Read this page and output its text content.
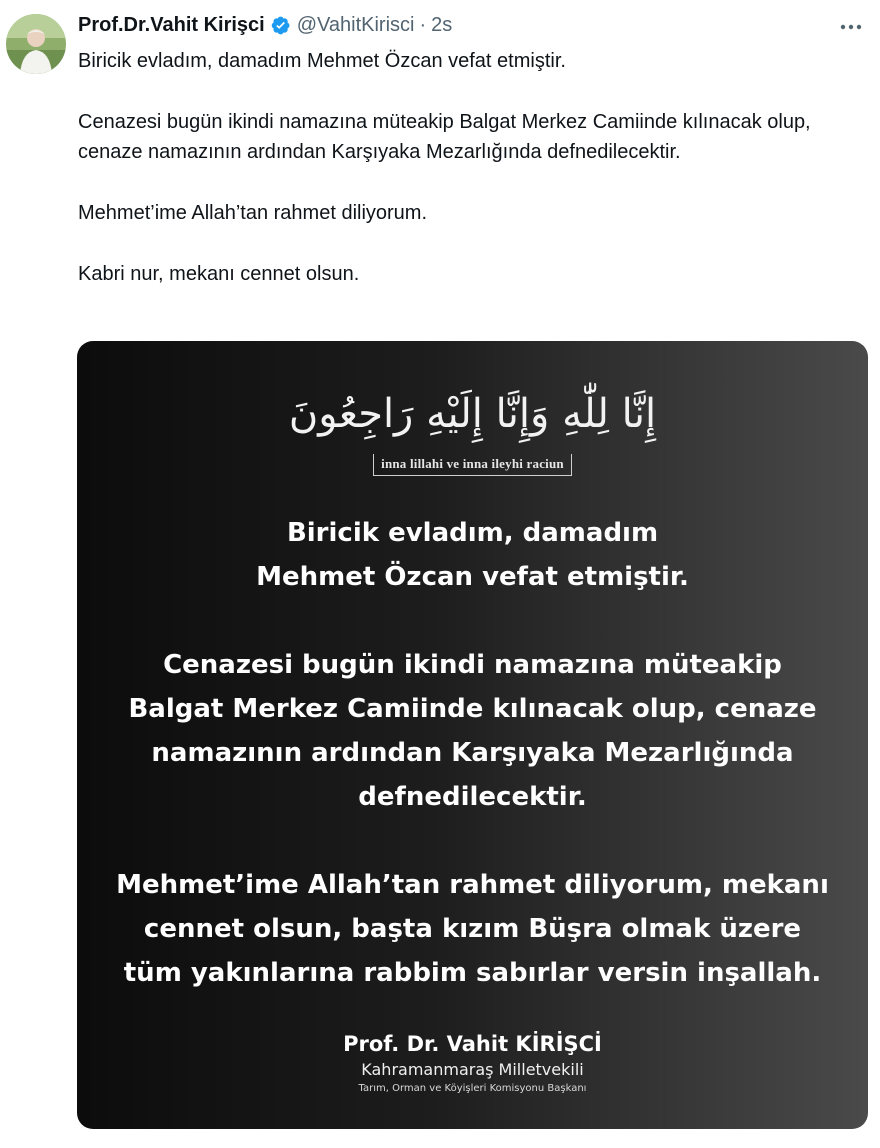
Prof.Dr.Vahit Kirişci @VahitKirisci · 2s

Biricik evladım, damadım Mehmet Özcan vefat etmiştir.

Cenazesi bugün ikindi namazına müteakip Balgat Merkez Camiinde kılınacak olup, cenaze namazının ardından Karşıyaka Mezarlığında defnedilecektir.

Mehmet’ime Allah’tan rahmet diliyorum.

Kabri nur, mekanı cennet olsun.

إِنَّا لِلّٰهِ وَإِنَّا إِلَيْهِ رَاجِعُونَ
inna lillahi ve inna ileyhi raciun

Biricik evladım, damadım

Mehmet Özcan vefat etmiştir.

Cenazesi bugün ikindi namazına müteakip

Balgat Merkez Camiinde kılınacak olup, cenaze

namazının ardından Karşıyaka Mezarlığında

defnedilecektir.

Mehmet’ime Allah’tan rahmet diliyorum, mekanı

cennet olsun, başta kızım Büşra olmak üzere

tüm yakınlarına rabbim sabırlar versin inşallah.

Prof. Dr. Vahit KİRİŞCİ
Kahramanmaraş Milletvekili
Tarım, Orman ve Köyişleri Komisyonu Başkanı
